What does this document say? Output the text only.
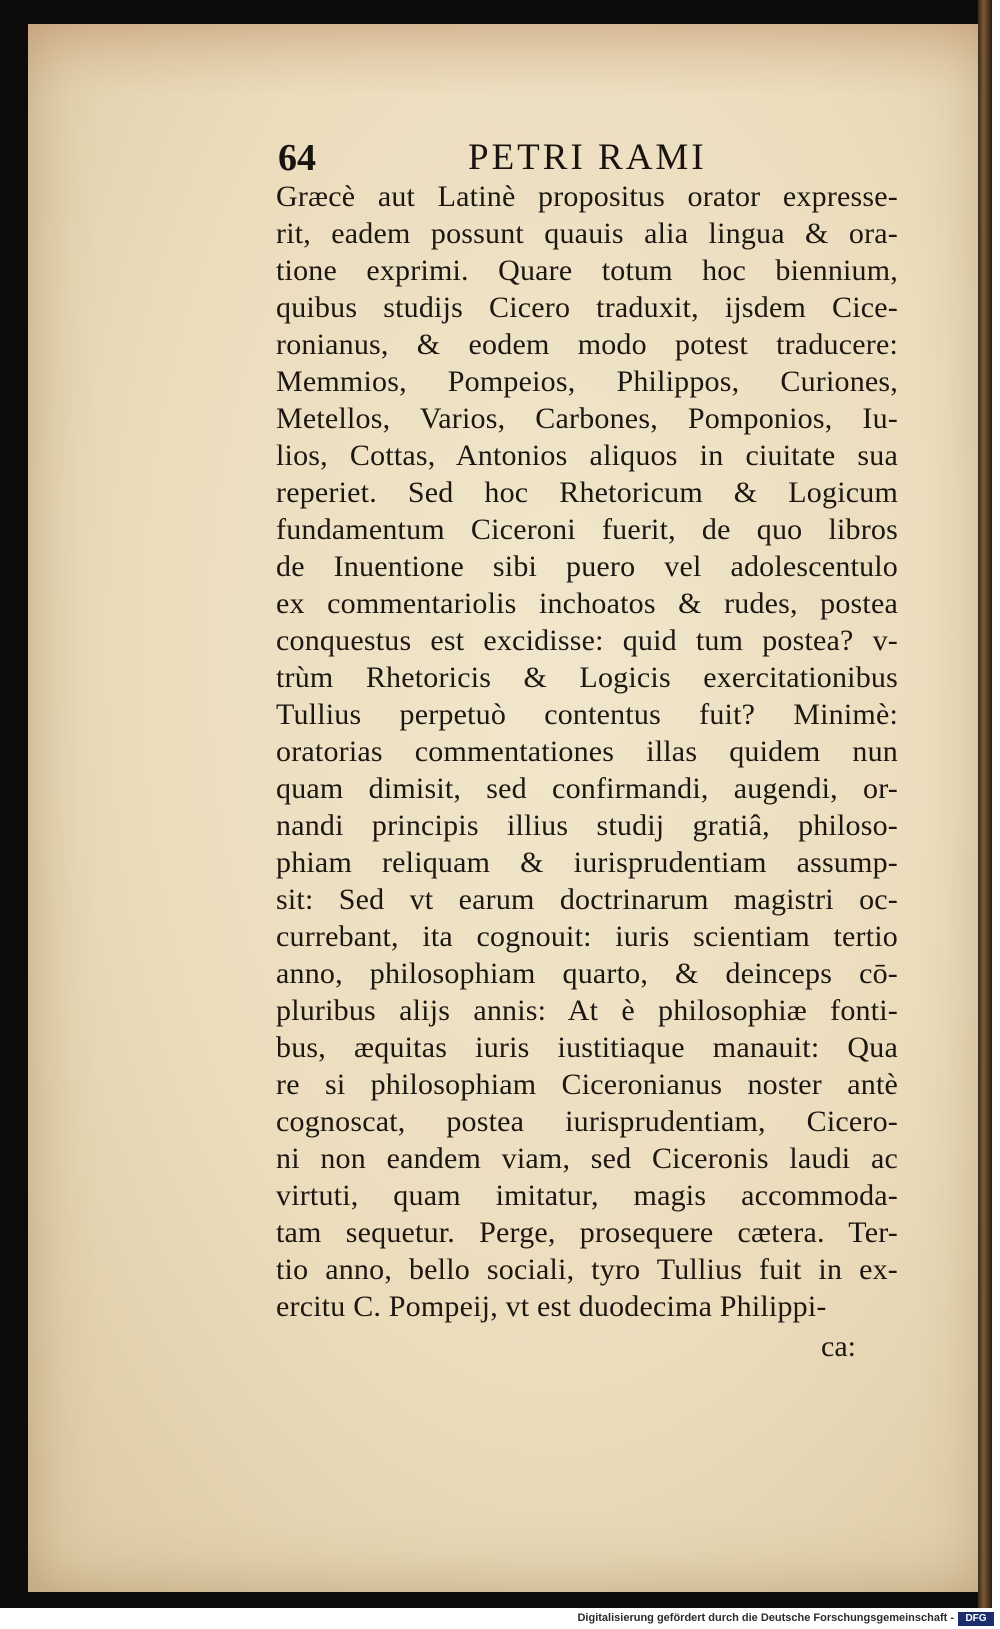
64	PETRI RAMI
Græcè aut Latinè propositus orator expresse-
rit, eadem possunt quauis alia lingua & ora-
tione exprimi. Quare totum hoc biennium,
quibus studijs Cicero traduxit, ijsdem Cice-
ronianus, & eodem modo potest traducere:
Memmios, Pompeios, Philippos, Curiones,
Metellos, Varios, Carbones, Pomponios, Iu-
lios, Cottas, Antonios aliquos in ciuitate sua
reperiet. Sed hoc Rhetoricum & Logicum
fundamentum Ciceroni fuerit, de quo libros
de Inuentione sibi puero vel adolescentulo
ex commentariolis inchoatos & rudes, postea
conquestus est excidisse: quid tum postea? v-
trùm Rhetoricis & Logicis exercitationibus
Tullius perpetuò contentus fuit? Minimè:
oratorias commentationes illas quidem nun
quam dimisit, sed confirmandi, augendi, or-
nandi principis illius studij gratiâ, philoso-
phiam reliquam & iurisprudentiam assump-
sit: Sed vt earum doctrinarum magistri oc-
currebant, ita cognouit: iuris scientiam tertio
anno, philosophiam quarto, & deinceps cō-
pluribus alijs annis: At è philosophiæ fonti-
bus, æquitas iuris iustitiaque manauit: Qua
re si philosophiam Ciceronianus noster antè
cognoscat, postea iurisprudentiam, Cicero-
ni non eandem viam, sed Ciceronis laudi ac
virtuti, quam imitatur, magis accommoda-
tam sequetur. Perge, prosequere cætera. Ter-
tio anno, bello sociali, tyro Tullius fuit in ex-
ercitu C. Pompeij, vt est duodecima Philippi-
ca:
Digitalisierung gefördert durch die Deutsche Forschungsgemeinschaft -	DFG
